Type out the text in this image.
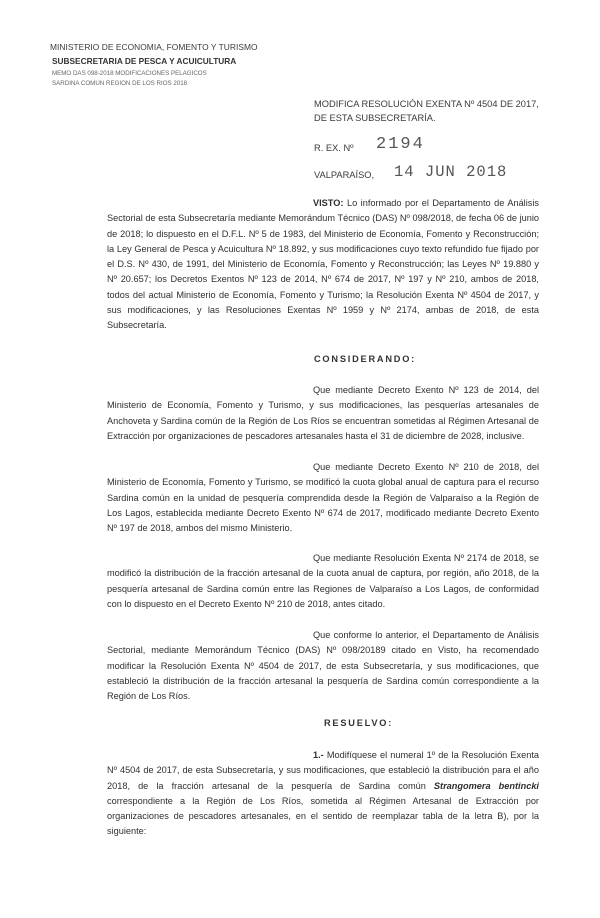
MINISTERIO DE ECONOMIA, FOMENTO Y TURISMO
SUBSECRETARIA DE PESCA Y ACUICULTURA
MEMO DAS 098-2018 MODIFICACIONES PELAGICOS
SARDINA COMUN REGION DE LOS RIOS 2018
MODIFICA RESOLUCIÓN EXENTA Nº 4504 DE 2017,
DE ESTA SUBSECRETARÍA.
R. EX. Nº 2194
VALPARAÍSO, 14 JUN 2018
VISTO: Lo informado por el Departamento de Análisis Sectorial de esta Subsecretaría mediante Memorándum Técnico (DAS) Nº 098/2018, de fecha 06 de junio de 2018; lo dispuesto en el D.F.L. Nº 5 de 1983, del Ministerio de Economía, Fomento y Reconstrucción; la Ley General de Pesca y Acuicultura Nº 18.892, y sus modificaciones cuyo texto refundido fue fijado por el D.S. Nº 430, de 1991, del Ministerio de Economía, Fomento y Reconstrucción; las Leyes Nº 19.880 y Nº 20.657; los Decretos Exentos Nº 123 de 2014, Nº 674 de 2017, Nº 197 y Nº 210, ambos de 2018, todos del actual Ministerio de Economía, Fomento y Turismo; la Resolución Exenta Nº 4504 de 2017, y sus modificaciones, y las Resoluciones Exentas Nº 1959 y Nº 2174, ambas de 2018, de esta Subsecretaría.
CONSIDERANDO:
Que mediante Decreto Exento Nº 123 de 2014, del Ministerio de Economía, Fomento y Turismo, y sus modificaciones, las pesquerías artesanales de Anchoveta y Sardina común de la Región de Los Ríos se encuentran sometidas al Régimen Artesanal de Extracción por organizaciones de pescadores artesanales hasta el 31 de diciembre de 2028, inclusive.
Que mediante Decreto Exento Nº 210 de 2018, del Ministerio de Economía, Fomento y Turismo, se modificó la cuota global anual de captura para el recurso Sardina común en la unidad de pesquería comprendida desde la Región de Valparaíso a la Región de Los Lagos, establecida mediante Decreto Exento Nº 674 de 2017, modificado mediante Decreto Exento Nº 197 de 2018, ambos del mismo Ministerio.
Que mediante Resolución Exenta Nº 2174 de 2018, se modificó la distribución de la fracción artesanal de la cuota anual de captura, por región, año 2018, de la pesquería artesanal de Sardina común entre las Regiones de Valparaíso a Los Lagos, de conformidad con lo dispuesto en el Decreto Exento Nº 210 de 2018, antes citado.
Que conforme lo anterior, el Departamento de Análisis Sectorial, mediante Memorándum Técnico (DAS) Nº 098/20189 citado en Visto, ha recomendado modificar la Resolución Exenta Nº 4504 de 2017, de esta Subsecretaría, y sus modificaciones, que estableció la distribución de la fracción artesanal la pesquería de Sardina común correspondiente a la Región de Los Ríos.
RESUELVO:
1.- Modifíquese el numeral 1º de la Resolución Exenta Nº 4504 de 2017, de esta Subsecretaría, y sus modificaciones, que estableció la distribución para el año 2018, de la fracción artesanal de la pesquería de Sardina común Strangomera bentincki correspondiente a la Región de Los Ríos, sometida al Régimen Artesanal de Extracción por organizaciones de pescadores artesanales, en el sentido de reemplazar tabla de la letra B), por la siguiente:
